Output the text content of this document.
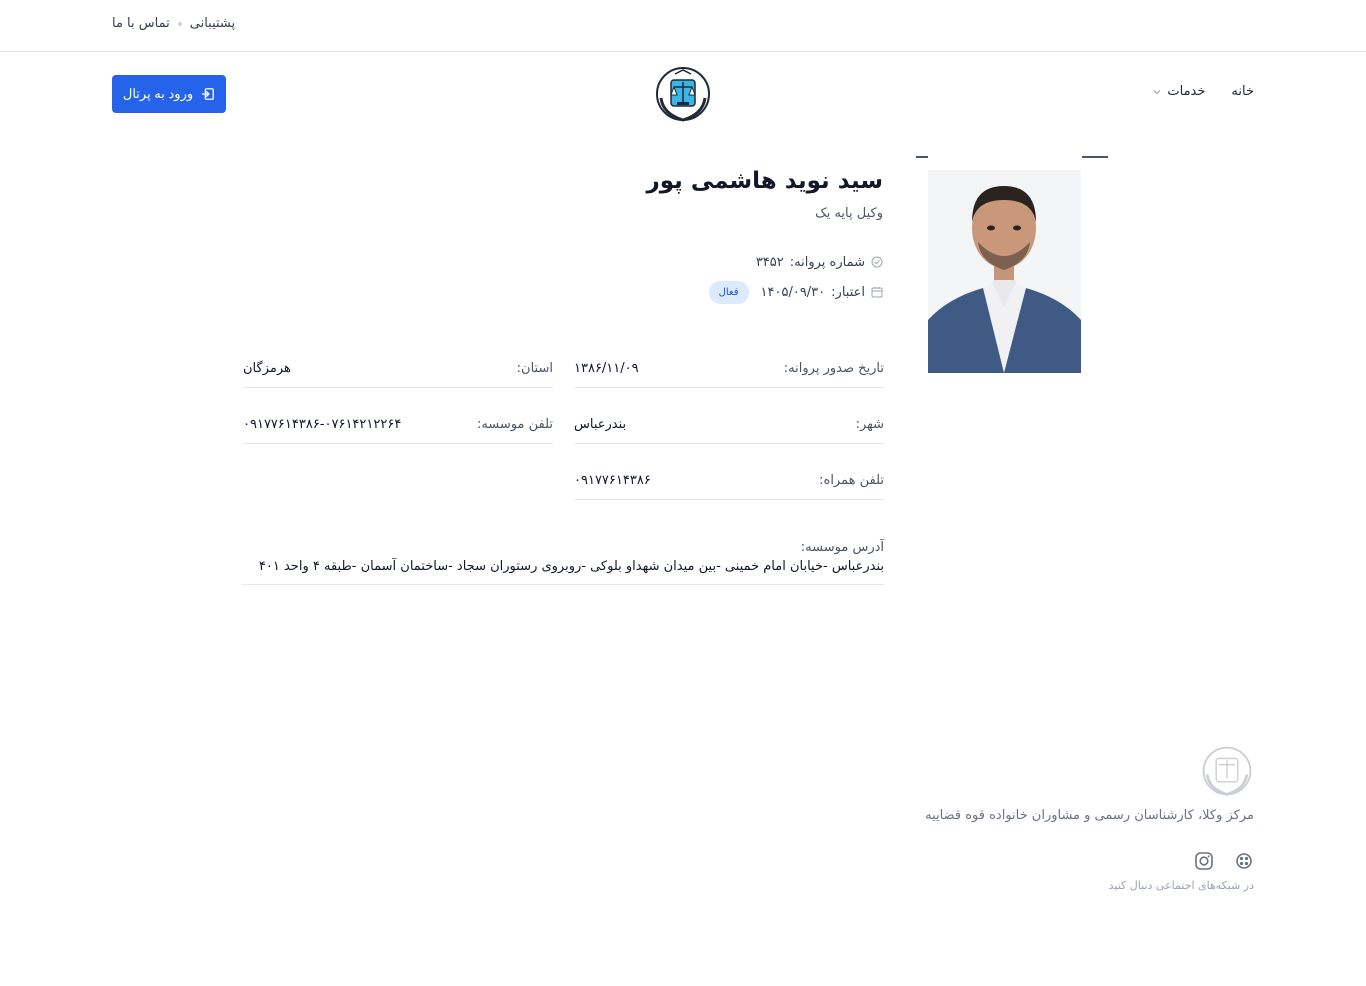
پشتیبانی
تماس با ما
ورود به پرتال	خانه
خدمات
سید نوید هاشمی پور
وکیل پایه یک
شماره پروانه:
۳۴۵۲
اعتبار:
۱۴۰۵/۰۹/۳۰
فعال
تاریخ صدور پروانه:
۱۳۸۶/۱۱/۰۹
استان:
هرمزگان
شهر:
بندرعباس
تلفن موسسه:
۰۹۱۷۷۶۱۴۳۸۶-۰۷۶۱۴۲۱۲۲۶۴
تلفن همراه:
۰۹۱۷۷۶۱۴۳۸۶
آدرس موسسه:
بندرعباس -خیابان امام خمینی -بین میدان شهداو بلوکی -روبروی رستوران سجاد -ساختمان آسمان -طبقه ۴ واحد ۴۰۱
مرکز وکلا، کارشناسان رسمی و مشاوران خانواده قوه قضاییه
در شبکه‌های اجتماعی دنبال کنید
